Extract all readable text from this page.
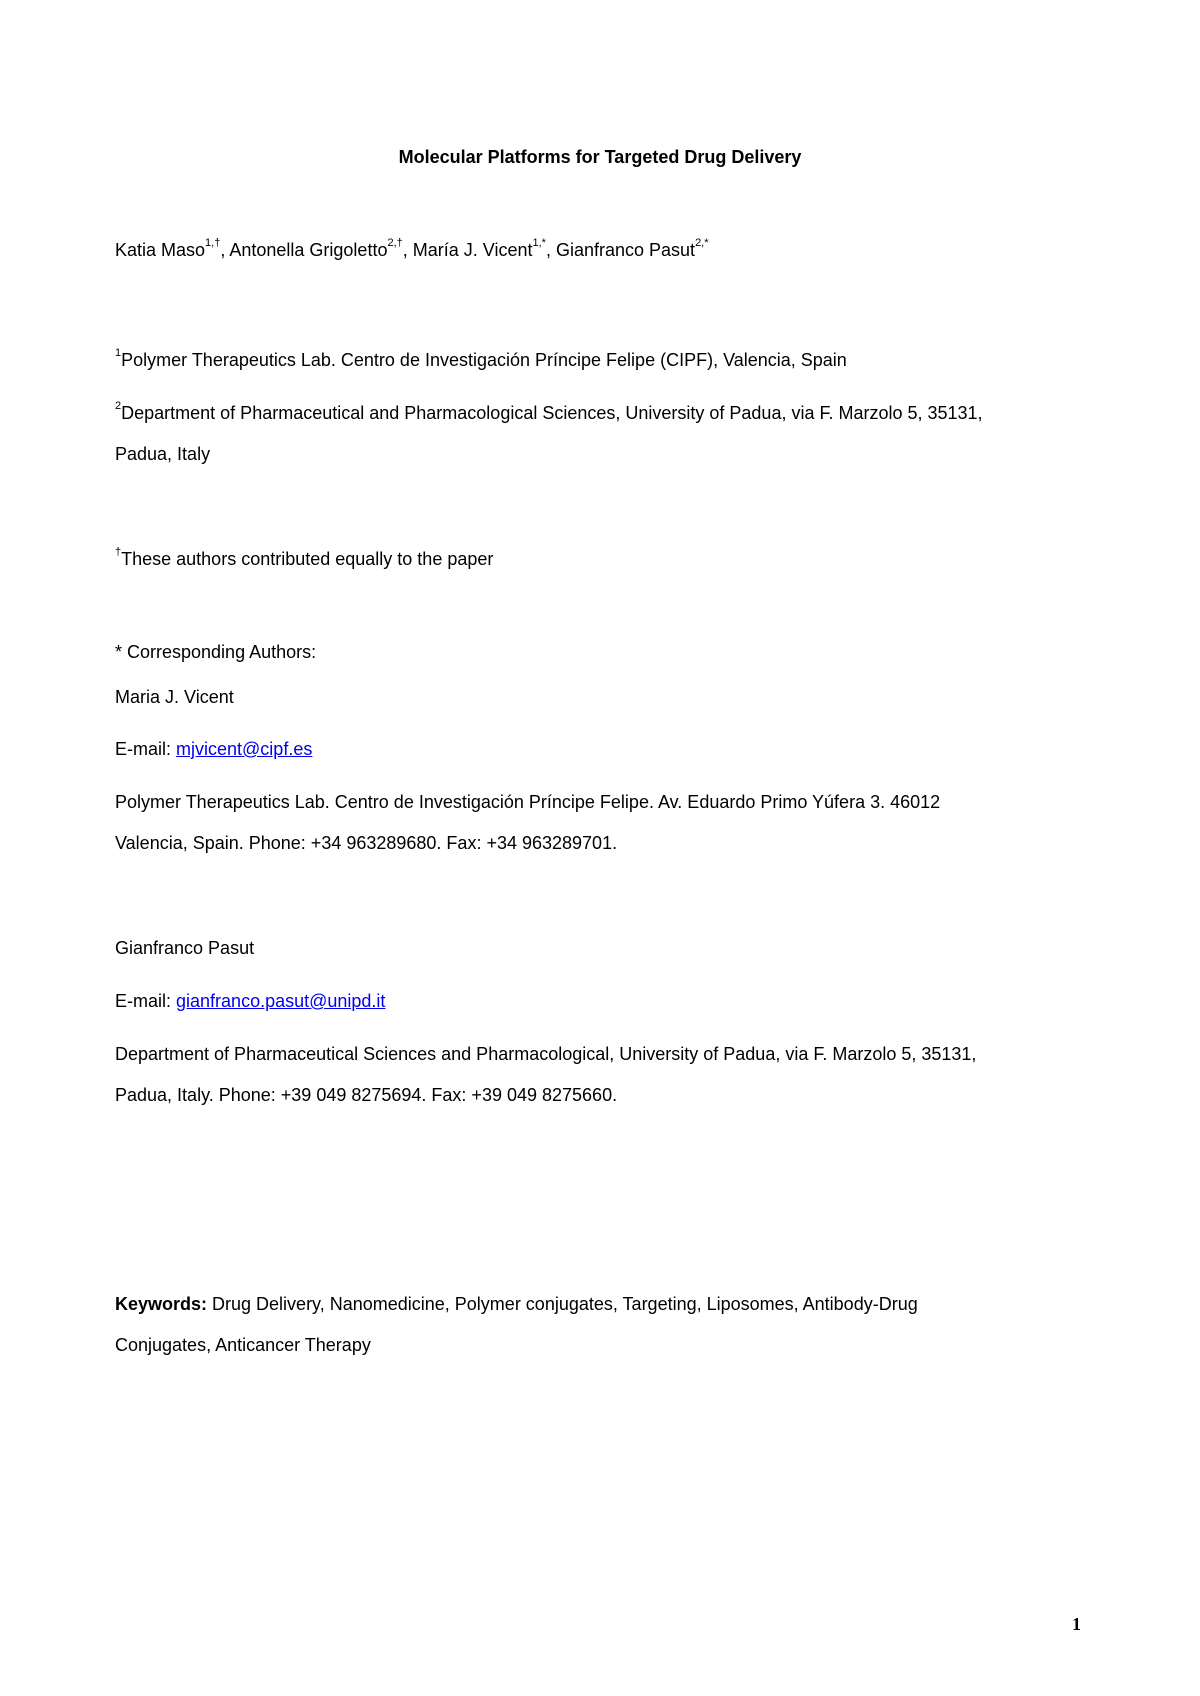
Molecular Platforms for Targeted Drug Delivery
Katia Maso$^{1,\dagger}$, Antonella Grigoletto$^{2,\dagger}$, María J. Vicent$^{1,*}$, Gianfranco Pasut$^{2,*}$
$^1$Polymer Therapeutics Lab. Centro de Investigación Príncipe Felipe (CIPF), Valencia, Spain
$^2$Department of Pharmaceutical and Pharmacological Sciences, University of Padua, via F. Marzolo 5, 35131,
Padua, Italy
†These authors contributed equally to the paper
* Corresponding Authors:
Maria J. Vicent
E-mail: mjvicent@cipf.es
Polymer Therapeutics Lab. Centro de Investigación Príncipe Felipe. Av. Eduardo Primo Yúfera 3. 46012
Valencia, Spain. Phone: +34 963289680. Fax: +34 963289701.
Gianfranco Pasut
E-mail: gianfranco.pasut@unipd.it
Department of Pharmaceutical Sciences and Pharmacological, University of Padua, via F. Marzolo 5, 35131,
Padua, Italy. Phone: +39 049 8275694. Fax: +39 049 8275660.
Keywords: Drug Delivery, Nanomedicine, Polymer conjugates, Targeting, Liposomes, Antibody-Drug
Conjugates, Anticancer Therapy
1
